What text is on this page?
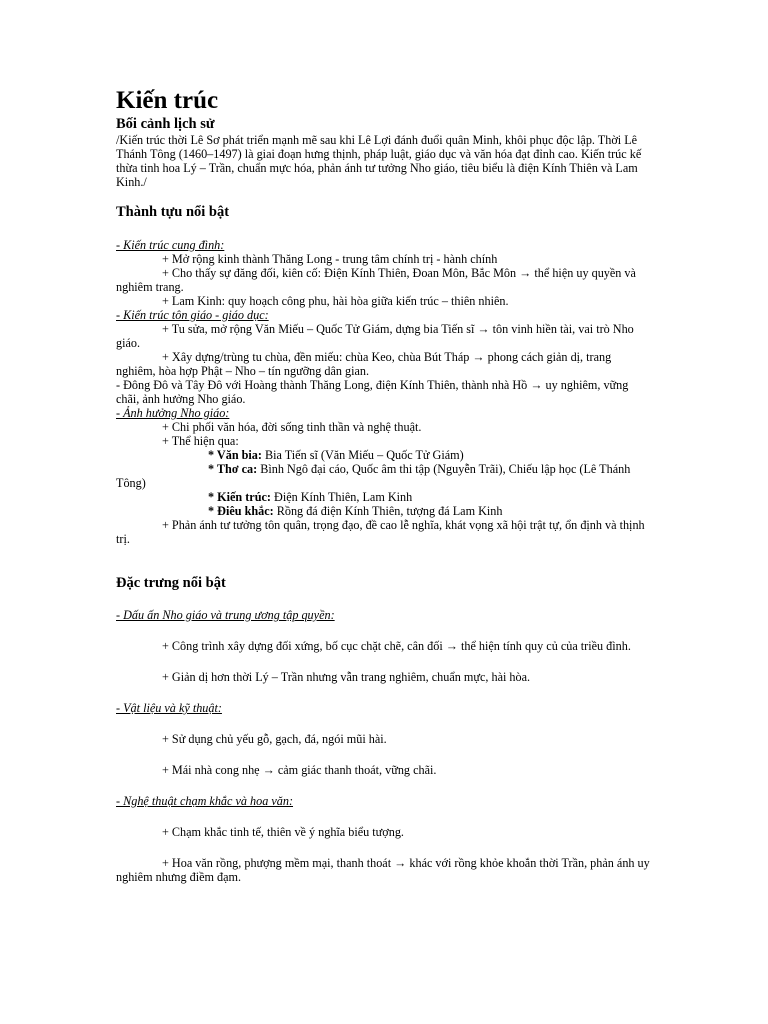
Kiến trúc
Bối cảnh lịch sử

/Kiến trúc thời Lê Sơ phát triển mạnh mẽ sau khi Lê Lợi đánh đuổi quân Minh, khôi phục độc lập. Thời Lê Thánh Tông (1460–1497) là giai đoạn hưng thịnh, pháp luật, giáo dục và văn hóa đạt đỉnh cao. Kiến trúc kế thừa tinh hoa Lý – Trần, chuẩn mực hóa, phản ánh tư tưởng Nho giáo, tiêu biểu là điện Kính Thiên và Lam Kinh./

Thành tựu nổi bật

- Kiến trúc cung đình:

+ Mở rộng kinh thành Thăng Long - trung tâm chính trị - hành chính

+ Cho thấy sự đăng đối, kiên cố: Điện Kính Thiên, Đoan Môn, Bắc Môn → thể hiện uy quyền và nghiêm trang.

+ Lam Kinh: quy hoạch công phu, hài hòa giữa kiến trúc – thiên nhiên.

- Kiến trúc tôn giáo - giáo dục:

+ Tu sửa, mở rộng Văn Miếu – Quốc Tử Giám, dựng bia Tiến sĩ → tôn vinh hiền tài, vai trò Nho giáo.

+ Xây dựng/trùng tu chùa, đền miếu: chùa Keo, chùa Bút Tháp → phong cách giản dị, trang nghiêm, hòa hợp Phật – Nho – tín ngưỡng dân gian.

- Đông Đô và Tây Đô với Hoàng thành Thăng Long, điện Kính Thiên, thành nhà Hồ → uy nghiêm, vững chãi, ảnh hưởng Nho giáo.

- Ảnh hưởng Nho giáo:

+ Chi phối văn hóa, đời sống tinh thần và nghệ thuật.

+ Thể hiện qua:

* Văn bia: Bia Tiến sĩ (Văn Miếu – Quốc Tử Giám)

* Thơ ca: Bình Ngô đại cáo, Quốc âm thi tập (Nguyễn Trãi), Chiếu lập học (Lê Thánh Tông)

* Kiến trúc: Điện Kính Thiên, Lam Kinh

* Điêu khắc: Rồng đá điện Kính Thiên, tượng đá Lam Kinh

+ Phản ánh tư tưởng tôn quân, trọng đạo, đề cao lễ nghĩa, khát vọng xã hội trật tự, ổn định và thịnh trị.

Đặc trưng nổi bật

- Dấu ấn Nho giáo và trung ương tập quyền:

+ Công trình xây dựng đối xứng, bố cục chặt chẽ, cân đối → thể hiện tính quy củ của triều đình.

+ Giản dị hơn thời Lý – Trần nhưng vẫn trang nghiêm, chuẩn mực, hài hòa.

- Vật liệu và kỹ thuật:

+ Sử dụng chủ yếu gỗ, gạch, đá, ngói mũi hài.

+ Mái nhà cong nhẹ → cảm giác thanh thoát, vững chãi.

- Nghệ thuật chạm khắc và hoa văn:

+ Chạm khắc tinh tế, thiên về ý nghĩa biểu tượng.

+ Hoa văn rồng, phượng mềm mại, thanh thoát → khác với rồng khỏe khoắn thời Trần, phản ánh uy nghiêm nhưng điềm đạm.
